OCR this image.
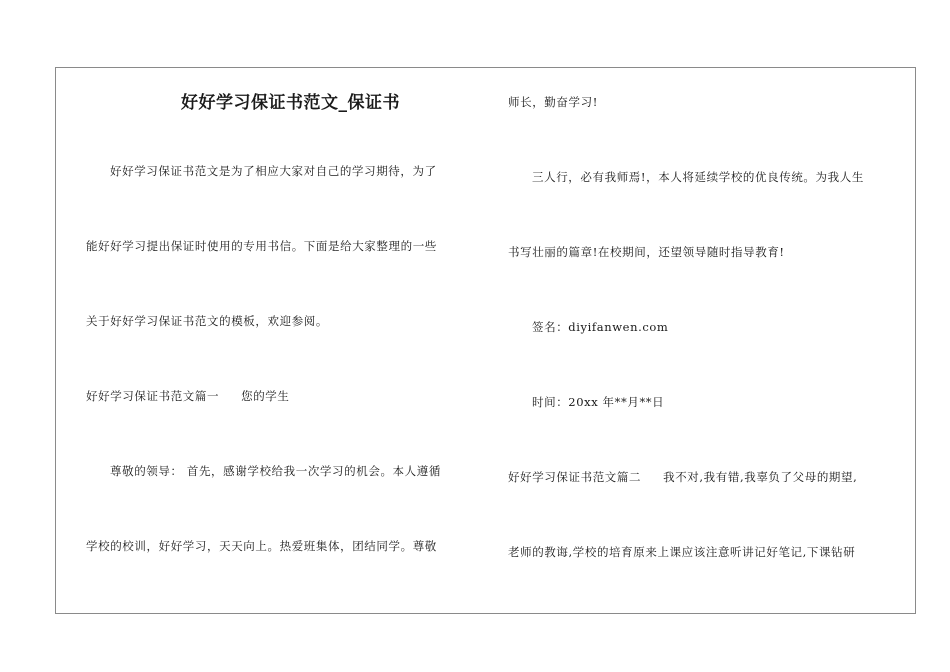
好好学习保证书范文_保证书
好好学习保证书范文是为了相应大家对自己的学习期待，为了
能好好学习提出保证时使用的专用书信。下面是给大家整理的一些
关于好好学习保证书范文的模板，欢迎参阅。
好好学习保证书范文篇一 您的学生
尊敬的领导： 首先，感谢学校给我一次学习的机会。本人遵循
学校的校训，好好学习，天天向上。热爱班集体，团结同学。尊敬
师长，勤奋学习!
三人行，必有我师焉!，本人将延续学校的优良传统。为我人生
书写壮丽的篇章!在校期间，还望领导随时指导教育!
签名：diyifanwen.com
时间：20xx 年**月**日
好好学习保证书范文篇二 我不对,我有错,我辜负了父母的期望,
老师的教诲,学校的培育原来上课应该注意听讲记好笔记,下课钻研
